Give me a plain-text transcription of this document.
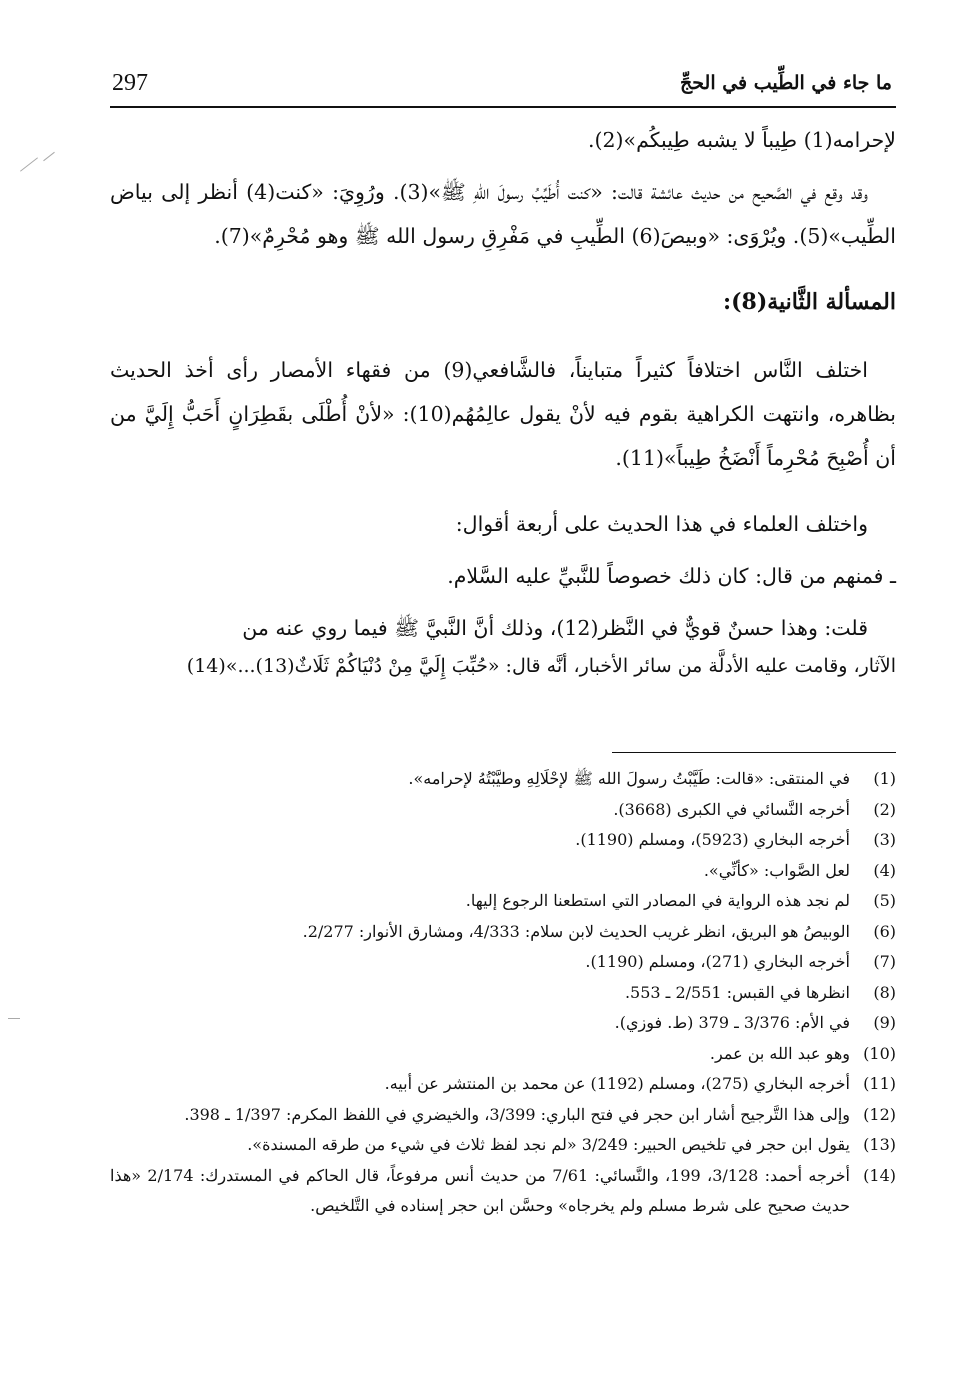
297	ما جاء في الطِّيب في الحجِّ

لإحرامه(1) طِيباً لا يشبه طِيبكُم»(2).

وقد وقع في الصَّحيح من حديث عائشة قالت: «كنت أُطَيِّبُ رسولَ اللهِ ﷺ»(3). ورُوِيَ: «كنت(4) أنظر إلى بياض الطِّيب»(5). ويُرْوَى: «وبيصَ(6) الطِّيبِ في مَفْرِقِ رسول الله ﷺ وهو مُحْرِمٌ»(7).

المسألة الثَّانية(8):

اختلف النَّاس اختلافاً كثيراً متبايناً، فالشَّافعي(9) من فقهاء الأمصار رأى أخذ الحديث بظاهره، وانتهت الكراهية بقوم فيه لأنْ يقول عالِمُهُم(10): «لأنْ أُطْلَى بقَطِرَانٍ أَحَبُّ إِلَيَّ من أن أُصْبِحَ مُحْرِماً أَنْضَخُ طِيباً»(11).

واختلف العلماء في هذا الحديث على أربعة أقوال:

ـ فمنهم من قال: كان ذلك خصوصاً للنَّبيِّ عليه السَّلام.

قلت: وهذا حسنٌ قويٌّ في النَّظر(12)، وذلك أنَّ النَّبيَّ ﷺ فيما روي عنه من

الآثار، وقامت عليه الأدلَّة من سائر الأخبار، أنَّه قال: «حُبِّبَ إِلَيَّ مِنْ دُنْيَاكُمْ ثَلَاثٌ(13)...»(14)

(1)
في المنتقى: «قالت: طَيَّبْتُ رسولَ الله ﷺ لإحْلَالِهِ وطيَّبْتُهُ لإحرامه».
(2)
أخرجه النَّسائي في الكبرى (3668).
(3)
أخرجه البخاري (5923)، ومسلم (1190).
(4)
لعل الصَّواب: «كأنِّي».
(5)
لم نجد هذه الرواية في المصادر التي استطعنا الرجوع إليها.
(6)
الوبيصُ هو البريق، انظر غريب الحديث لابن سلام: 4/333، ومشارق الأنوار: 2/277.
(7)
أخرجه البخاري (271)، ومسلم (1190).
(8)
انظرها في القبس: 2/551 ـ 553.
(9)
في الأم: 3/376 ـ 379 (ط. فوزي).
(10)
وهو عبد الله بن عمر.
(11)
أخرجه البخاري (275)، ومسلم (1192) عن محمد بن المنتشر عن أبيه.
(12)
وإلى هذا التَّرجيح أشار ابن حجر في فتح الباري: 3/399، والخيضري في اللفظ المكرم: 1/397 ـ 398.
(13)
يقول ابن حجر في تلخيص الحبير: 3/249 «لم نجد لفظ ثلاث في شيء من طرقه المسندة».
(14)
أخرجه أحمد: 3/128، 199، والنَّسائي: 7/61 من حديث أنس مرفوعاً، قال الحاكم في المستدرك: 2/174 «هذا حديث صحيح على شرط مسلم ولم يخرجاه» وحسَّن ابن حجر إسناده في التَّلخيص.
